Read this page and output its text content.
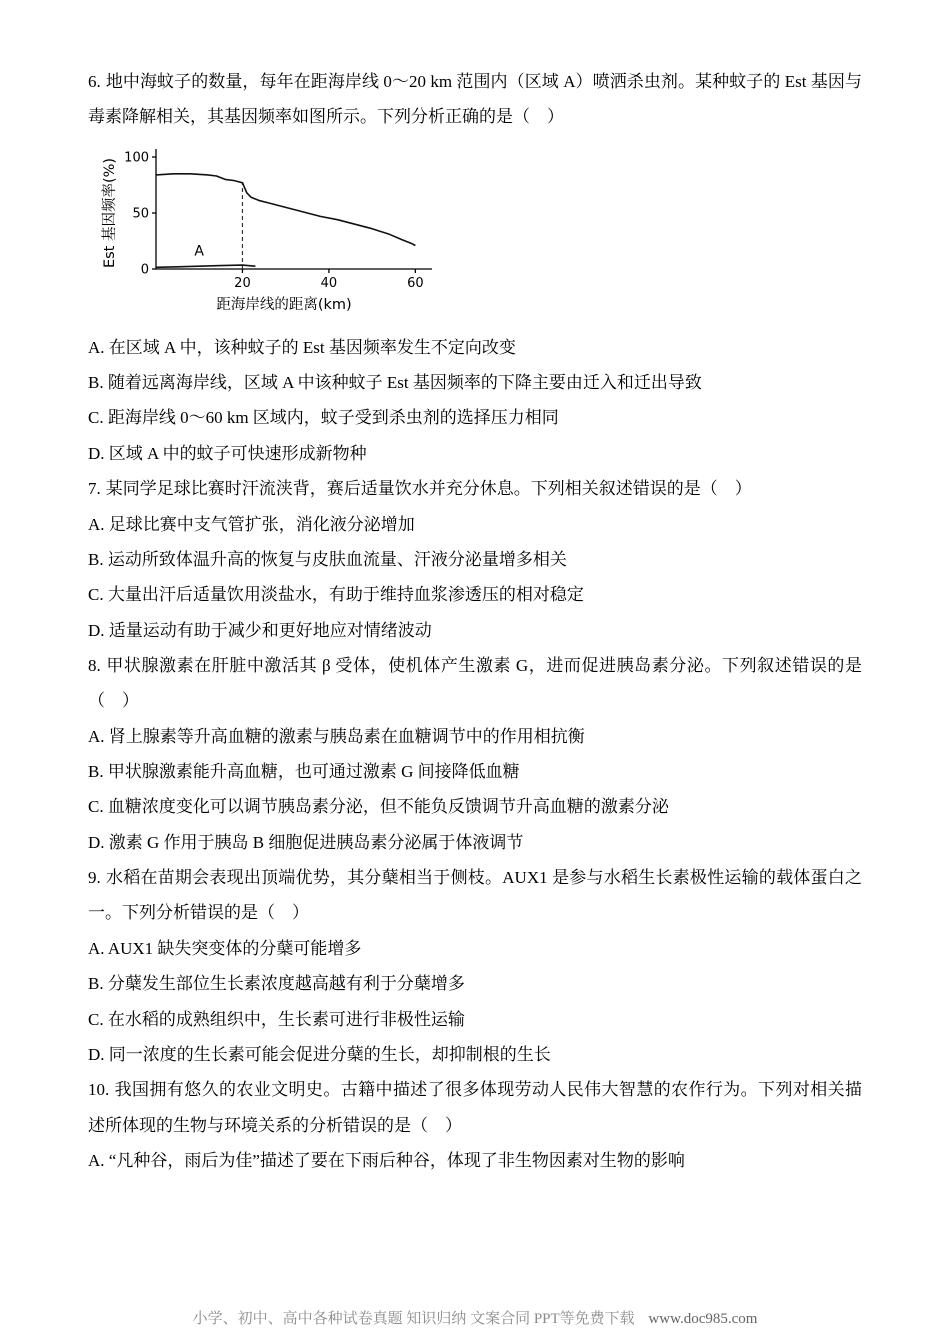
6. 地中海蚊子的数量，每年在距海岸线 0～20 km 范围内（区域 A）喷洒杀虫剂。某种蚊子的 Est 基因与毒素降解相关，其基因频率如图所示。下列分析正确的是（　）

Est 基因频率(%)
距海岸线的距离(km)
20	40	60
0
50
100
A

A. 在区域 A 中，该种蚊子的 Est 基因频率发生不定向改变

B. 随着远离海岸线，区域 A 中该种蚊子 Est 基因频率的下降主要由迁入和迁出导致

C. 距海岸线 0～60 km 区域内，蚊子受到杀虫剂的选择压力相同

D. 区域 A 中的蚊子可快速形成新物种

7. 某同学足球比赛时汗流浃背，赛后适量饮水并充分休息。下列相关叙述错误的是（　）

A. 足球比赛中支气管扩张，消化液分泌增加

B. 运动所致体温升高的恢复与皮肤血流量、汗液分泌量增多相关

C. 大量出汗后适量饮用淡盐水，有助于维持血浆渗透压的相对稳定

D. 适量运动有助于减少和更好地应对情绪波动

8. 甲状腺激素在肝脏中激活其 β 受体，使机体产生激素 G，进而促进胰岛素分泌。下列叙述错误的是（　）

A. 肾上腺素等升高血糖的激素与胰岛素在血糖调节中的作用相抗衡

B. 甲状腺激素能升高血糖，也可通过激素 G 间接降低血糖

C. 血糖浓度变化可以调节胰岛素分泌，但不能负反馈调节升高血糖的激素分泌

D. 激素 G 作用于胰岛 B 细胞促进胰岛素分泌属于体液调节

9. 水稻在苗期会表现出顶端优势，其分蘖相当于侧枝。AUX1 是参与水稻生长素极性运输的载体蛋白之一。下列分析错误的是（　）

A. AUX1 缺失突变体的分蘖可能增多

B. 分蘖发生部位生长素浓度越高越有利于分蘖增多

C. 在水稻的成熟组织中，生长素可进行非极性运输

D. 同一浓度的生长素可能会促进分蘖的生长，却抑制根的生长

10. 我国拥有悠久的农业文明史。古籍中描述了很多体现劳动人民伟大智慧的农作行为。下列对相关描述所体现的生物与环境关系的分析错误的是（　）

A. “凡种谷，雨后为佳”描述了要在下雨后种谷，体现了非生物因素对生物的影响

小学、初中、高中各种试卷真题 知识归纳 文案合同 PPT等免费下载 www.doc985.com
